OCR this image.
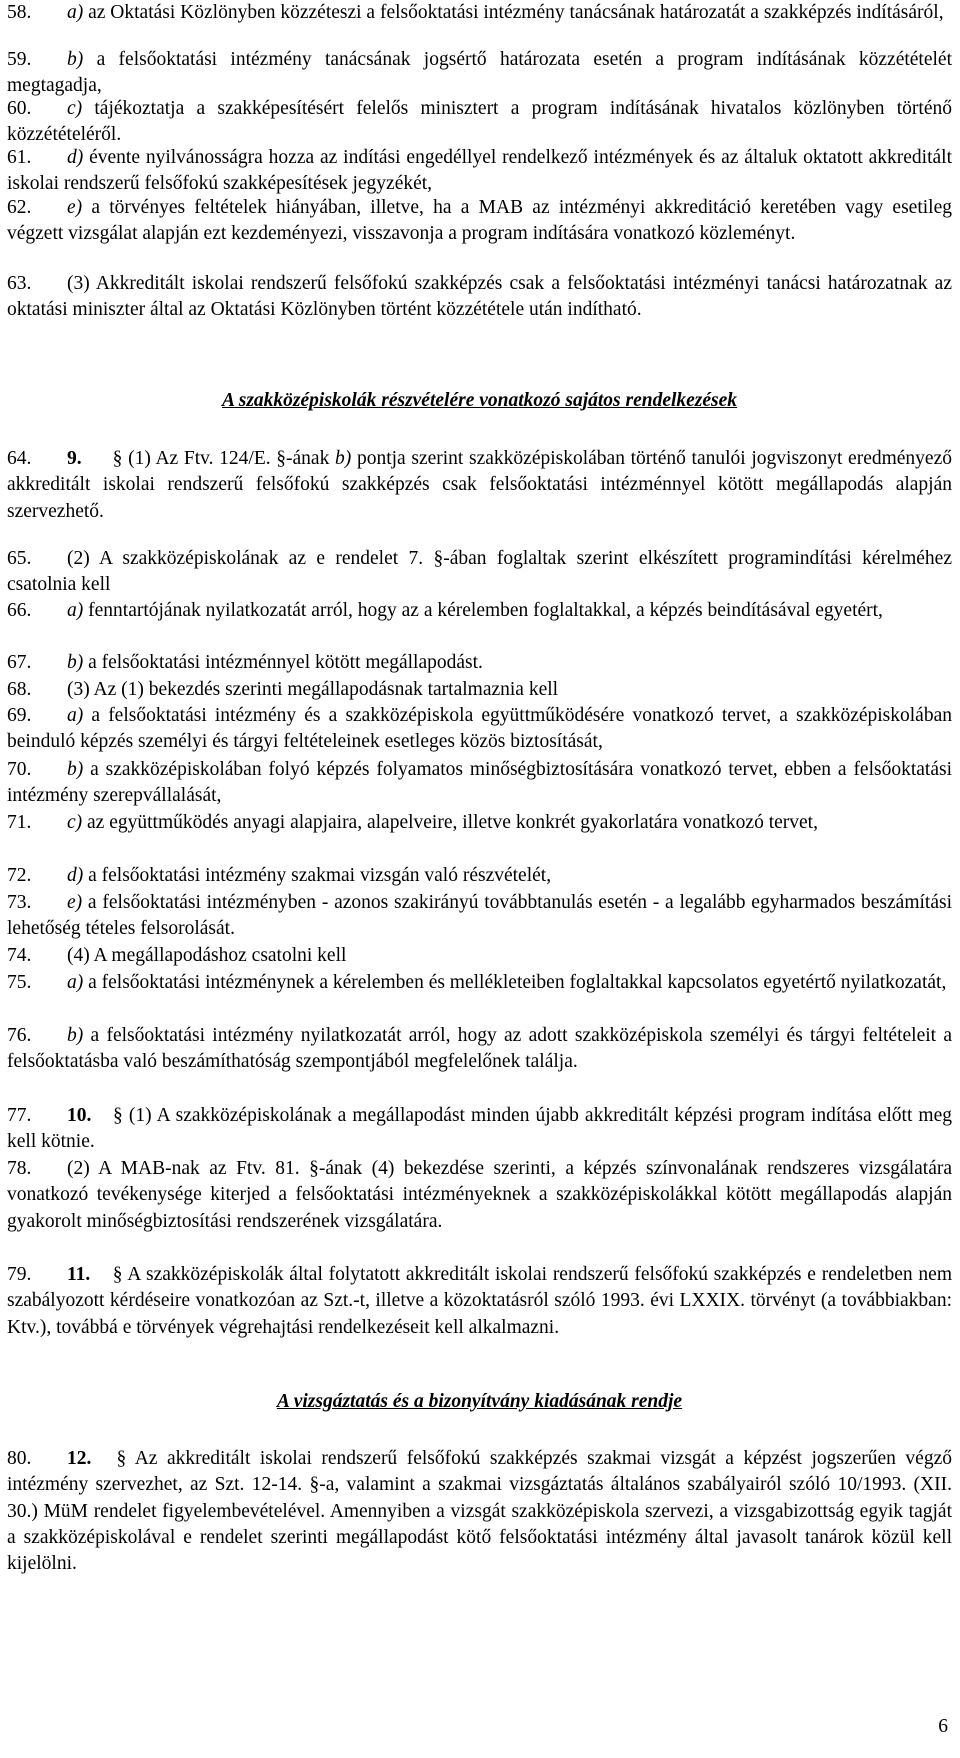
58. a) az Oktatási Közlönyben közzéteszi a felsőoktatási intézmény tanácsának határozatát a szakképzés indításáról,

59. b) a felsőoktatási intézmény tanácsának jogsértő határozata esetén a program indításának közzétételét megtagadja,

60. c) tájékoztatja a szakképesítésért felelős minisztert a program indításának hivatalos közlönyben történő közzétételéről.

61. d) évente nyilvánosságra hozza az indítási engedéllyel rendelkező intézmények és az általuk oktatott akkreditált iskolai rendszerű felsőfokú szakképesítések jegyzékét,

62. e) a törvényes feltételek hiányában, illetve, ha a MAB az intézményi akkreditáció keretében vagy esetileg végzett vizsgálat alapján ezt kezdeményezi, visszavonja a program indítására vonatkozó közleményt.

63. (3) Akkreditált iskolai rendszerű felsőfokú szakképzés csak a felsőoktatási intézményi tanácsi határozatnak az oktatási miniszter által az Oktatási Közlönyben történt közzététele után indítható.

A szakközépiskolák részvételére vonatkozó sajátos rendelkezések

64. 9. § (1) Az Ftv. 124/E. §-ának b) pontja szerint szakközépiskolában történő tanulói jogviszonyt eredményező akkreditált iskolai rendszerű felsőfokú szakképzés csak felsőoktatási intézménnyel kötött megállapodás alapján szervezhető.

65. (2) A szakközépiskolának az e rendelet 7. §-ában foglaltak szerint elkészített programindítási kérelméhez csatolnia kell

66. a) fenntartójának nyilatkozatát arról, hogy az a kérelemben foglaltakkal, a képzés beindításával egyetért,

67. b) a felsőoktatási intézménnyel kötött megállapodást.

68. (3) Az (1) bekezdés szerinti megállapodásnak tartalmaznia kell

69. a) a felsőoktatási intézmény és a szakközépiskola együttműködésére vonatkozó tervet, a szakközépiskolában beinduló képzés személyi és tárgyi feltételeinek esetleges közös biztosítását,

70. b) a szakközépiskolában folyó képzés folyamatos minőségbiztosítására vonatkozó tervet, ebben a felsőoktatási intézmény szerepvállalását,

71. c) az együttműködés anyagi alapjaira, alapelveire, illetve konkrét gyakorlatára vonatkozó tervet,

72. d) a felsőoktatási intézmény szakmai vizsgán való részvételét,

73. e) a felsőoktatási intézményben - azonos szakirányú továbbtanulás esetén - a legalább egyharmados beszámítási lehetőség tételes felsorolását.

74. (4) A megállapodáshoz csatolni kell

75. a) a felsőoktatási intézménynek a kérelemben és mellékleteiben foglaltakkal kapcsolatos egyetértő nyilatkozatát,

76. b) a felsőoktatási intézmény nyilatkozatát arról, hogy az adott szakközépiskola személyi és tárgyi feltételeit a felsőoktatásba való beszámíthatóság szempontjából megfelelőnek találja.

77. 10. § (1) A szakközépiskolának a megállapodást minden újabb akkreditált képzési program indítása előtt meg kell kötnie.

78. (2) A MAB-nak az Ftv. 81. §-ának (4) bekezdése szerinti, a képzés színvonalának rendszeres vizsgálatára vonatkozó tevékenysége kiterjed a felsőoktatási intézményeknek a szakközépiskolákkal kötött megállapodás alapján gyakorolt minőségbiztosítási rendszerének vizsgálatára.

79. 11. § A szakközépiskolák által folytatott akkreditált iskolai rendszerű felsőfokú szakképzés e rendeletben nem szabályozott kérdéseire vonatkozóan az Szt.-t, illetve a közoktatásról szóló 1993. évi LXXIX. törvényt (a továbbiakban: Ktv.), továbbá e törvények végrehajtási rendelkezéseit kell alkalmazni.

A vizsgáztatás és a bizonyítvány kiadásának rendje

80. 12. § Az akkreditált iskolai rendszerű felsőfokú szakképzés szakmai vizsgát a képzést jogszerűen végző intézmény szervezhet, az Szt. 12-14. §-a, valamint a szakmai vizsgáztatás általános szabályairól szóló 10/1993. (XII. 30.) MüM rendelet figyelembevételével. Amennyiben a vizsgát szakközépiskola szervezi, a vizsgabizottság egyik tagját a szakközépiskolával e rendelet szerinti megállapodást kötő felsőoktatási intézmény által javasolt tanárok közül kell kijelölni.

6
